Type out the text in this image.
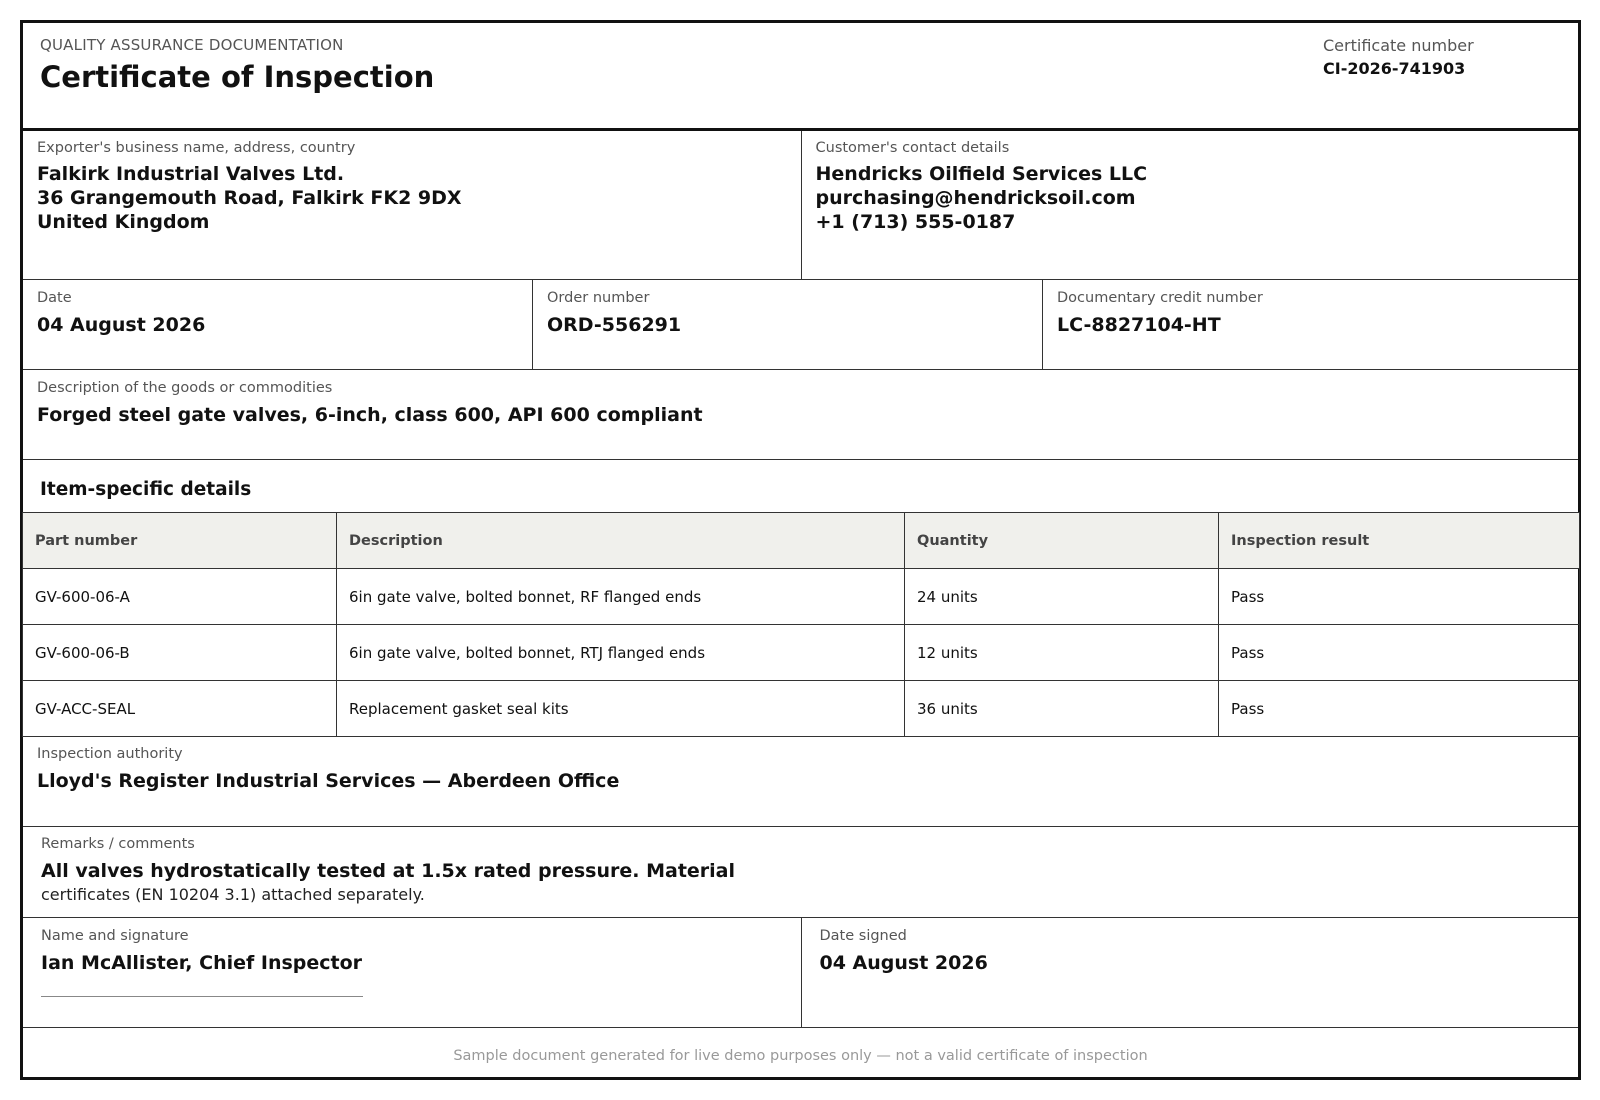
QUALITY ASSURANCE DOCUMENTATION
Certificate of Inspection
Certificate number
CI-2026-741903
Exporter's business name, address, country
Falkirk Industrial Valves Ltd.
36 Grangemouth Road, Falkirk FK2 9DX
United Kingdom
Customer's contact details
Hendricks Oilfield Services LLC
purchasing@hendricksoil.com
+1 (713) 555-0187
Date
04 August 2026
Order number
ORD-556291
Documentary credit number
LC-8827104-HT
Description of the goods or commodities
Forged steel gate valves, 6-inch, class 600, API 600 compliant
Item-specific details
Part number	Description	Quantity	Inspection result
GV-600-06-A	6in gate valve, bolted bonnet, RF flanged ends	24 units	Pass
GV-600-06-B	6in gate valve, bolted bonnet, RTJ flanged ends	12 units	Pass
GV-ACC-SEAL	Replacement gasket seal kits	36 units	Pass
Inspection authority
Lloyd's Register Industrial Services — Aberdeen Office
Remarks / comments
All valves hydrostatically tested at 1.5x rated pressure. Material
certificates (EN 10204 3.1) attached separately.
Name and signature
Ian McAllister, Chief Inspector
Date signed
04 August 2026
Sample document generated for live demo purposes only — not a valid certificate of inspection
